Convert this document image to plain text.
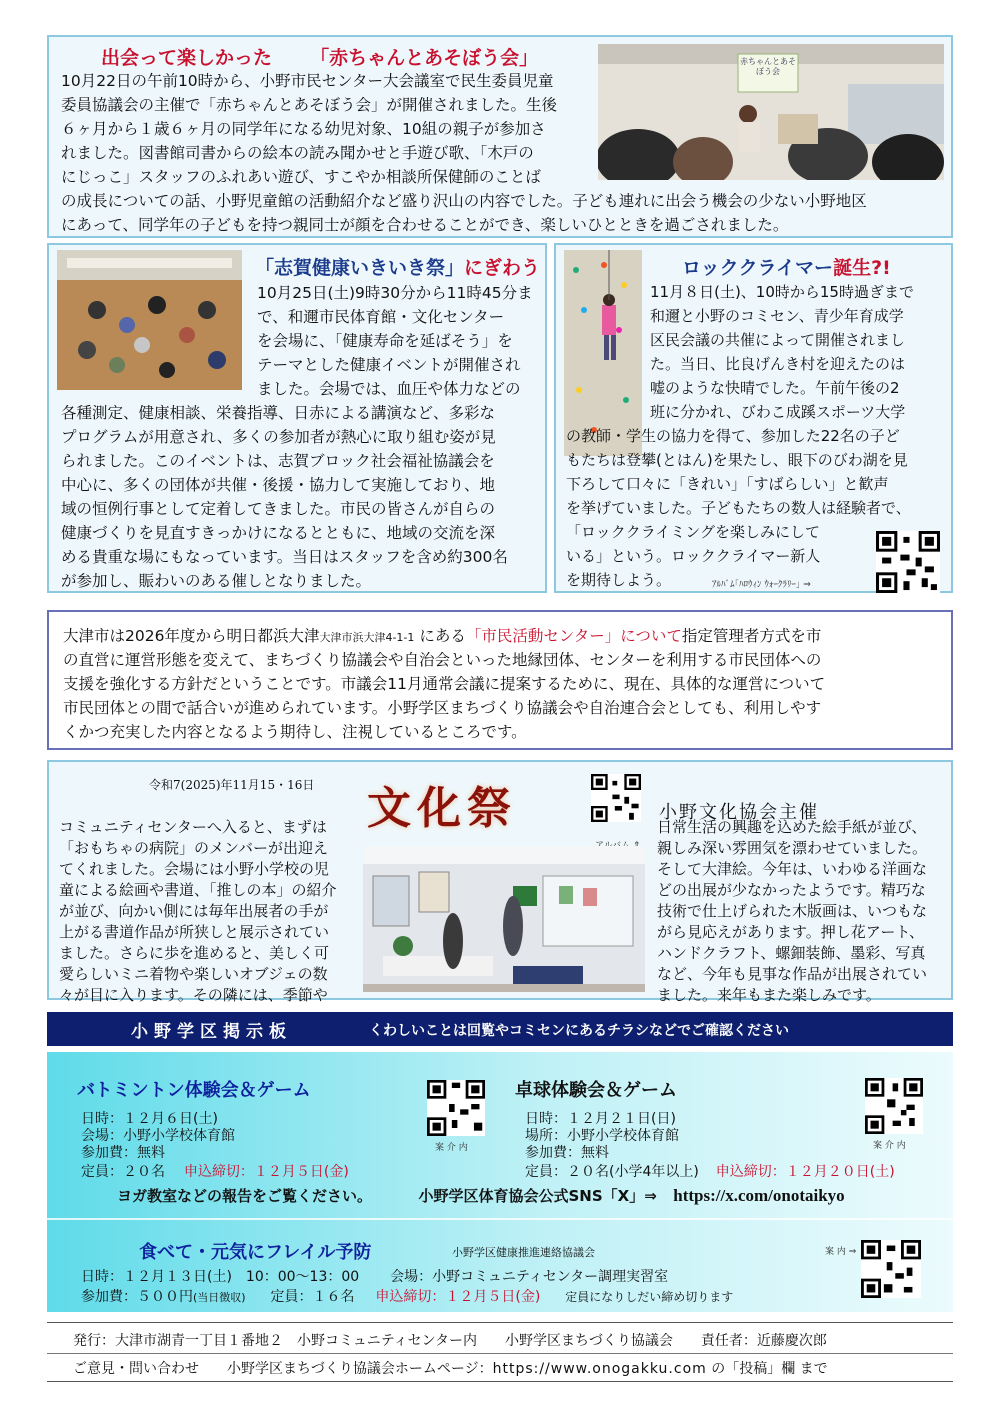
出会って楽しかった 「赤ちゃんとあそぼう会」
10月22日の午前10時から、小野市民センター大会議室で民生委員児童
委員協議会の主催で「赤ちゃんとあそぼう会」が開催されました。生後
６ヶ月から１歳６ヶ月の同学年になる幼児対象、10組の親子が参加さ
れました。図書館司書からの絵本の読み聞かせと手遊び歌、「木戸の
にじっこ」スタッフのふれあい遊び、すこやか相談所保健師のことば
の成長についての話、小野児童館の活動紹介など盛り沢山の内容でした。子ども連れに出会う機会の少ない小野地区
にあって、同学年の子どもを持つ親同士が顔を合わせることができ、楽しいひとときを過ごされました。
赤ちゃんとあそぼう会
「志賀健康いきいき祭」にぎわう
10月25日(土)9時30分から11時45分ま
で、和邇市民体育館・文化センター
を会場に、「健康寿命を延ばそう」を
テーマとした健康イベントが開催され
ました。会場では、血圧や体力などの
各種測定、健康相談、栄養指導、日赤による講演など、多彩な
プログラムが用意され、多くの参加者が熱心に取り組む姿が見
られました。このイベントは、志賀ブロック社会福祉協議会を
中心に、多くの団体が共催・後援・協力して実施しており、地
域の恒例行事として定着してきました。市民の皆さんが自らの
健康づくりを見直すきっかけになるとともに、地域の交流を深
める貴重な場にもなっています。当日はスタッフを含め約300名
が参加し、賑わいのある催しとなりました。
ロッククライマー誕生?!
11月８日(土)、10時から15時過ぎまで
和邇と小野のコミセン、青少年育成学
区民会議の共催によって開催されまし
た。当日、比良げんき村を迎えたのは
嘘のような快晴でした。午前午後の2
班に分かれ、びわこ成蹊スポーツ大学
の教師・学生の協力を得て、参加した22名の子ど
もたちは登攀(とはん)を果たし、眼下のびわ湖を見
下ろして口々に「きれい」「すばらしい」と歓声
を挙げていました。子どもたちの数人は経験者で、
「ロッククライミングを楽しみにして
いる」という。ロッククライマー新人
を期待しよう。	ｱﾙﾊﾞﾑ｢ﾊﾛｳｨﾝ ｳｫｰｸﾗﾘｰ｣ ⇒
大津市は2026年度から明日都浜大津大津市浜大津4-1-1 にある「市民活動センター」について指定管理者方式を市
の直営に運営形態を変えて、まちづくり協議会や自治会といった地縁団体、センターを利用する市民団体への
支援を強化する方針だということです。市議会11月通常会議に提案するために、現在、具体的な運営について
市民団体との間で話合いが進められています。小野学区まちづくり協議会や自治連合会としても、利用しやす
くかつ充実した内容となるよう期待し、注視しているところです。
令和7(2025)年11月15・16日 文化祭	小野文化協会主催
コミュニティセンターへ入ると、まずは
「おもちゃの病院」のメンバーが出迎え
てくれました。会場には小野小学校の児
童による絵画や書道、「推しの本」の紹介
が並び、向かい側には毎年出展者の手が
上がる書道作品が所狭しと展示されてい
ました。さらに歩を進めると、美しく可
愛らしいミニ着物や楽しいオブジェの数
々が目に入ります。その隣には、季節や
日常生活の興趣を込めた絵手紙が並び、
親しみ深い雰囲気を漂わせていました。
そして大津絵。今年は、いわゆる洋画な
どの出展が少なかったようです。精巧な
技術で仕上げられた木版画は、いつもな
がら見応えがあります。押し花アート、
ハンドクラフト、螺鈿装飾、墨彩、写真
など、今年も見事な作品が出展されてい
ました。来年もまた楽しみです。
小野学区掲示板	くわしいことは回覧やコミセンにあるチラシなどでご確認ください
バトミントン体験会＆ゲーム
日時：１２月６日(土)
会場：小野小学校体育館
参加費：無料
定員：２０名 申込締切：１２月５日(金)
案 介 内
卓球体験会＆ゲーム
日時：１２月２１日(日)
場所：小野小学校体育館
参加費：無料
定員：２０名(小学4年以上) 申込締切：１２月２０日(土)
案 介 内
ヨガ教室などの報告をご覧ください。	小野学区体育協会公式SNS「X」⇒ https://x.com/onotaikyo
食べて・元気にフレイル予防	小野学区健康推進連絡協議会
日時：１２月１３日(土)　10：00～13：00 会場：小野コミュニティセンター調理実習室
参加費：５００円(当日徴収) 定員：１６名 申込締切：１２月５日(金) 定員になりしだい締め切ります
案 内 ⇒
発行：大津市湖青一丁目１番地２　小野コミュニティセンター内　　小野学区まちづくり協議会　　責任者：近藤慶次郎
ご意見・問い合わせ　　小野学区まちづくり協議会ホームページ：https://www.onogakku.com の「投稿」欄 まで
